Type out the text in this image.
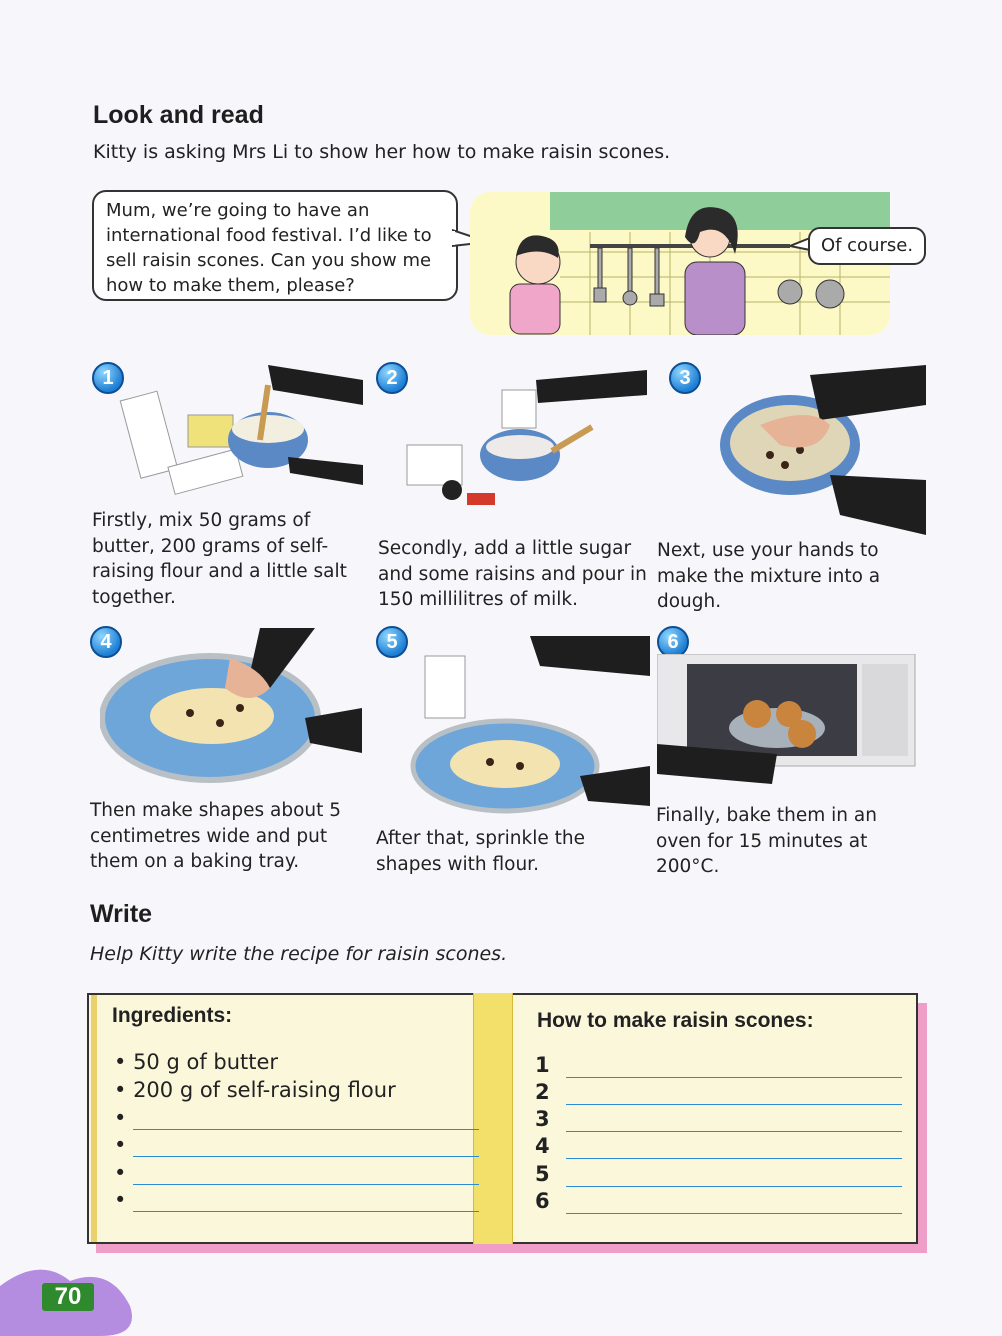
Look and read
Kitty is asking Mrs Li to show her how to make raisin scones.
Mum, we’re going to have an international food festival. I’d like to sell raisin scones. Can you show me how to make them, please?
Of course.
1
Firstly, mix 50 grams of butter, 200 grams of self-raising flour and a little salt together.
2
Secondly, add a little sugar and some raisins and pour in 150 millilitres of milk.
3
Next, use your hands to make the mixture into a dough.
4
Then make shapes about 5 centimetres wide and put them on a baking tray.
5
After that, sprinkle the shapes with flour.
6
Finally, bake them in an oven for 15 minutes at 200°C.
Write
Help Kitty write the recipe for raisin scones.
Ingredients:
• 50 g of butter
• 200 g of self-raising flour
•
•
•
•
How to make raisin scones:
1
2
3
4
5
6
70
